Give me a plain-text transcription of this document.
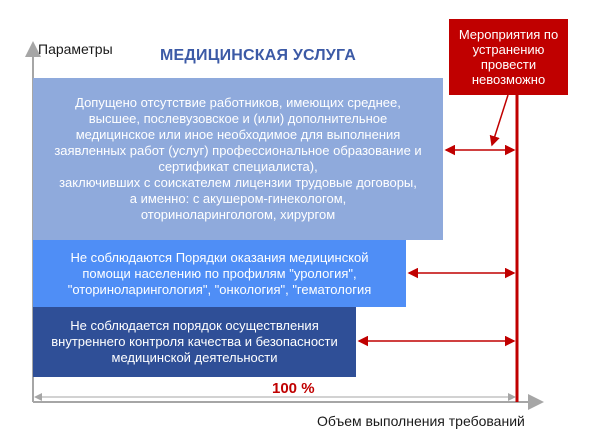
Параметры
Объем выполнения требований
МЕДИЦИНСКАЯ УСЛУГА
Допущено отсутствие работников, имеющих среднее,
высшее, послевузовское и (или) дополнительное
медицинское или иное необходимое для выполнения
заявленных работ (услуг) профессиональное образование и
сертификат специалиста),
заключивших с соискателем лицензии трудовые договоры,
а именно: с акушером-гинекологом,
оториноларингологом, хирургом
Не соблюдаются Порядки оказания медицинской
помощи населению по профилям "урология",
"оториноларингология", "онкология", "гематология
Не соблюдается порядок осуществления
внутреннего контроля качества и безопасности
медицинской деятельности
Мероприятия по
устранению
провести
невозможно
100 %
